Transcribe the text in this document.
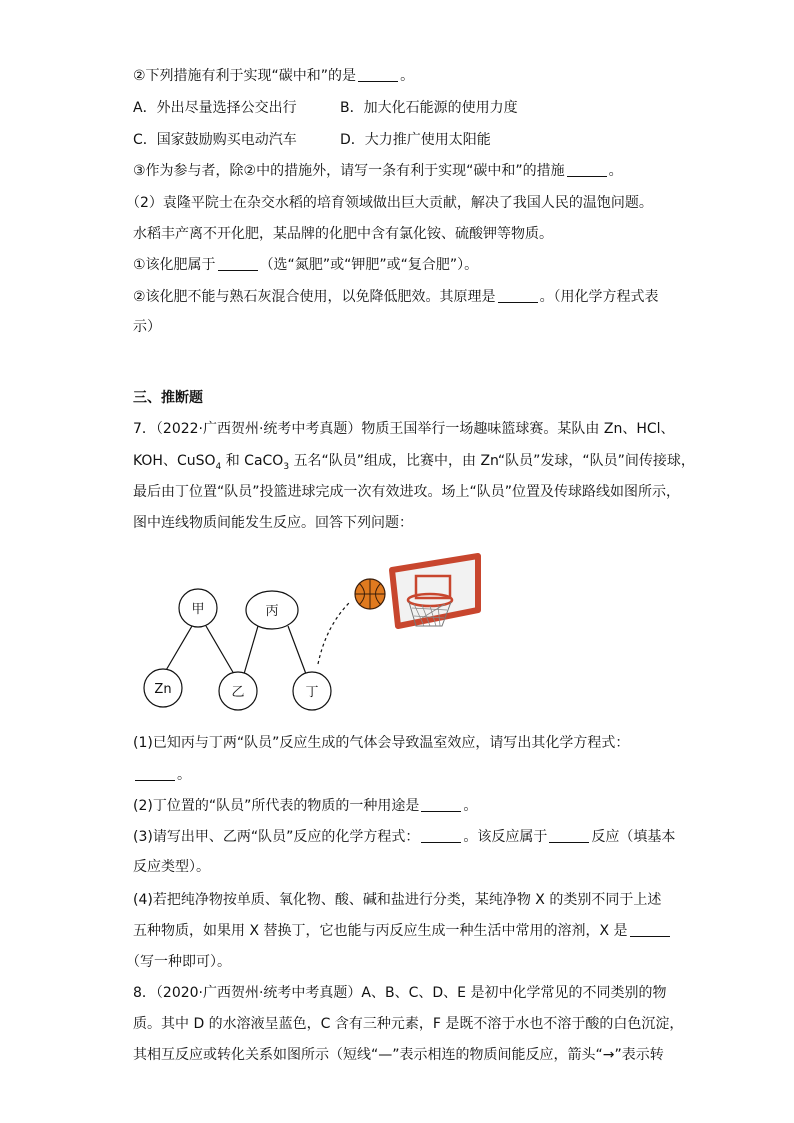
②下列措施有利于实现“碳中和”的是	。
A．外出尽量选择公交出行	B．加大化石能源的使用力度
C．国家鼓励购买电动汽车	D．大力推广使用太阳能
③作为参与者，除②中的措施外，请写一条有利于实现“碳中和”的措施	。
（2）袁隆平院士在杂交水稻的培育领域做出巨大贡献，解决了我国人民的温饱问题。
水稻丰产离不开化肥，某品牌的化肥中含有氯化铵、硫酸钾等物质。
①该化肥属于	（选“氮肥”或“钾肥”或“复合肥”）。
②该化肥不能与熟石灰混合使用，以免降低肥效。其原理是	。（用化学方程式表
示）
三、推断题
7．（2022·广西贺州·统考中考真题）物质王国举行一场趣味篮球赛。某队由 Zn、HCl、
KOH、CuSO$_4$ 和 CaCO$_3$ 五名“队员”组成，比赛中，由 Zn“队员”发球，“队员”间传接球，
最后由丁位置“队员”投篮进球完成一次有效进攻。场上“队员”位置及传球路线如图所示，
图中连线物质间能发生反应。回答下列问题：
甲	丙
Zn	乙	丁
(1)已知丙与丁两“队员”反应生成的气体会导致温室效应，请写出其化学方程式：
。
(2)丁位置的“队员”所代表的物质的一种用途是	。
(3)请写出甲、乙两“队员”反应的化学方程式：	。该反应属于	反应（填基本
反应类型）。
(4)若把纯净物按单质、氧化物、酸、碱和盐进行分类，某纯净物 X 的类别不同于上述
五种物质，如果用 X 替换丁，它也能与丙反应生成一种生活中常用的溶剂，X 是
（写一种即可）。
8．（2020·广西贺州·统考中考真题）A、B、C、D、E 是初中化学常见的不同类别的物
质。其中 D 的水溶液呈蓝色，C 含有三种元素，F 是既不溶于水也不溶于酸的白色沉淀，
其相互反应或转化关系如图所示（短线“—”表示相连的物质间能反应，箭头“→”表示转
